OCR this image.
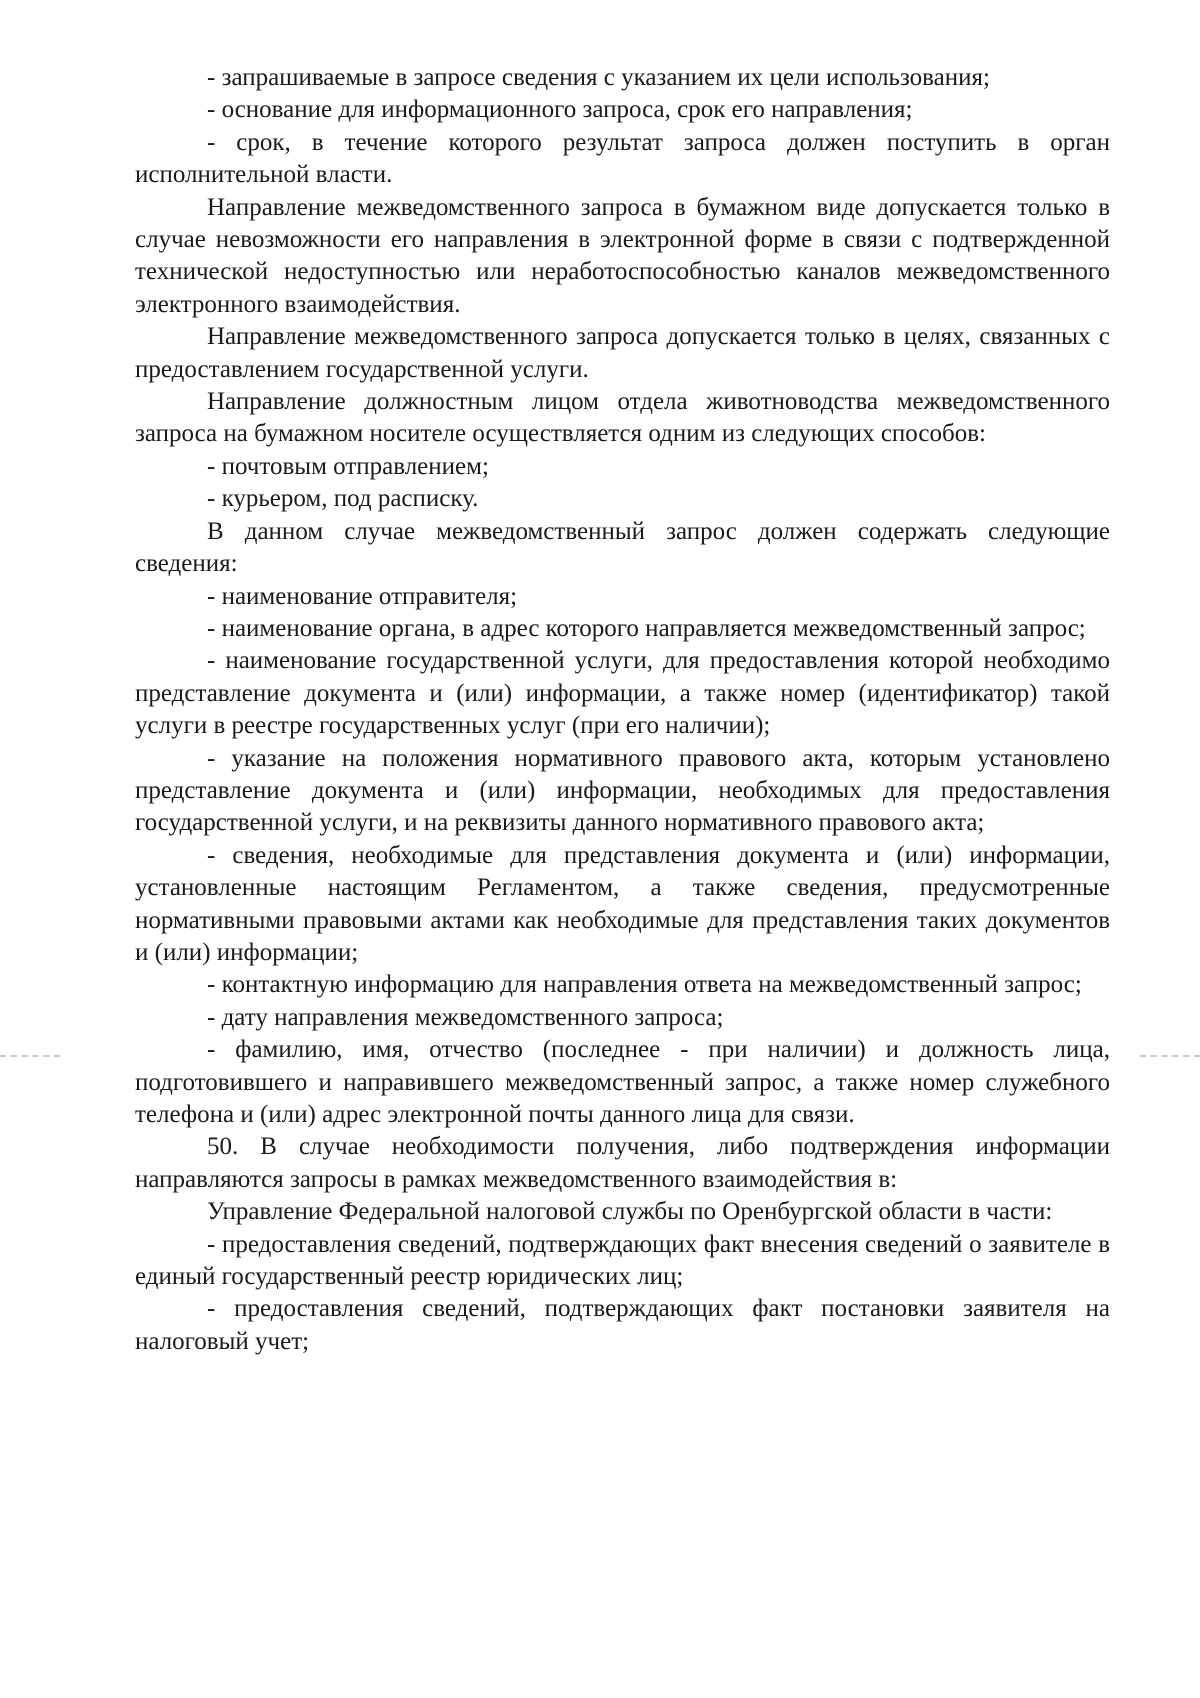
- запрашиваемые в запросе сведения с указанием их цели использования;

- основание для информационного запроса, срок его направления;

- срок, в течение которого результат запроса должен поступить в орган исполнительной власти.

Направление межведомственного запроса в бумажном виде допускается только в случае невозможности его направления в электронной форме в связи с подтвержденной технической недоступностью или неработоспособностью каналов межведомственного электронного взаимодействия.

Направление межведомственного запроса допускается только в целях, связанных с предоставлением государственной услуги.

Направление должностным лицом отдела животноводства межведомственного запроса на бумажном носителе осуществляется одним из следующих способов:

- почтовым отправлением;

- курьером, под расписку.

В данном случае межведомственный запрос должен содержать следующие сведения:

- наименование отправителя;

- наименование органа, в адрес которого направляется межведомственный запрос;

- наименование государственной услуги, для предоставления которой необходимо представление документа и (или) информации, а также номер (идентификатор) такой услуги в реестре государственных услуг (при его наличии);

- указание на положения нормативного правового акта, которым установлено представление документа и (или) информации, необходимых для предоставления государственной услуги, и на реквизиты данного нормативного правового акта;

- сведения, необходимые для представления документа и (или) информации, установленные настоящим Регламентом, а также сведения, предусмотренные нормативными правовыми актами как необходимые для представления таких документов и (или) информации;

- контактную информацию для направления ответа на межведомственный запрос;

- дату направления межведомственного запроса;

- фамилию, имя, отчество (последнее - при наличии) и должность лица, подготовившего и направившего межведомственный запрос, а также номер служебного телефона и (или) адрес электронной почты данного лица для связи.

50. В случае необходимости получения, либо подтверждения информации направляются запросы в рамках межведомственного взаимодействия в:

Управление Федеральной налоговой службы по Оренбургской области в части:

- предоставления сведений, подтверждающих факт внесения сведений о заявителе в единый государственный реестр юридических лиц;

- предоставления сведений, подтверждающих факт постановки заявителя на налоговый учет;
